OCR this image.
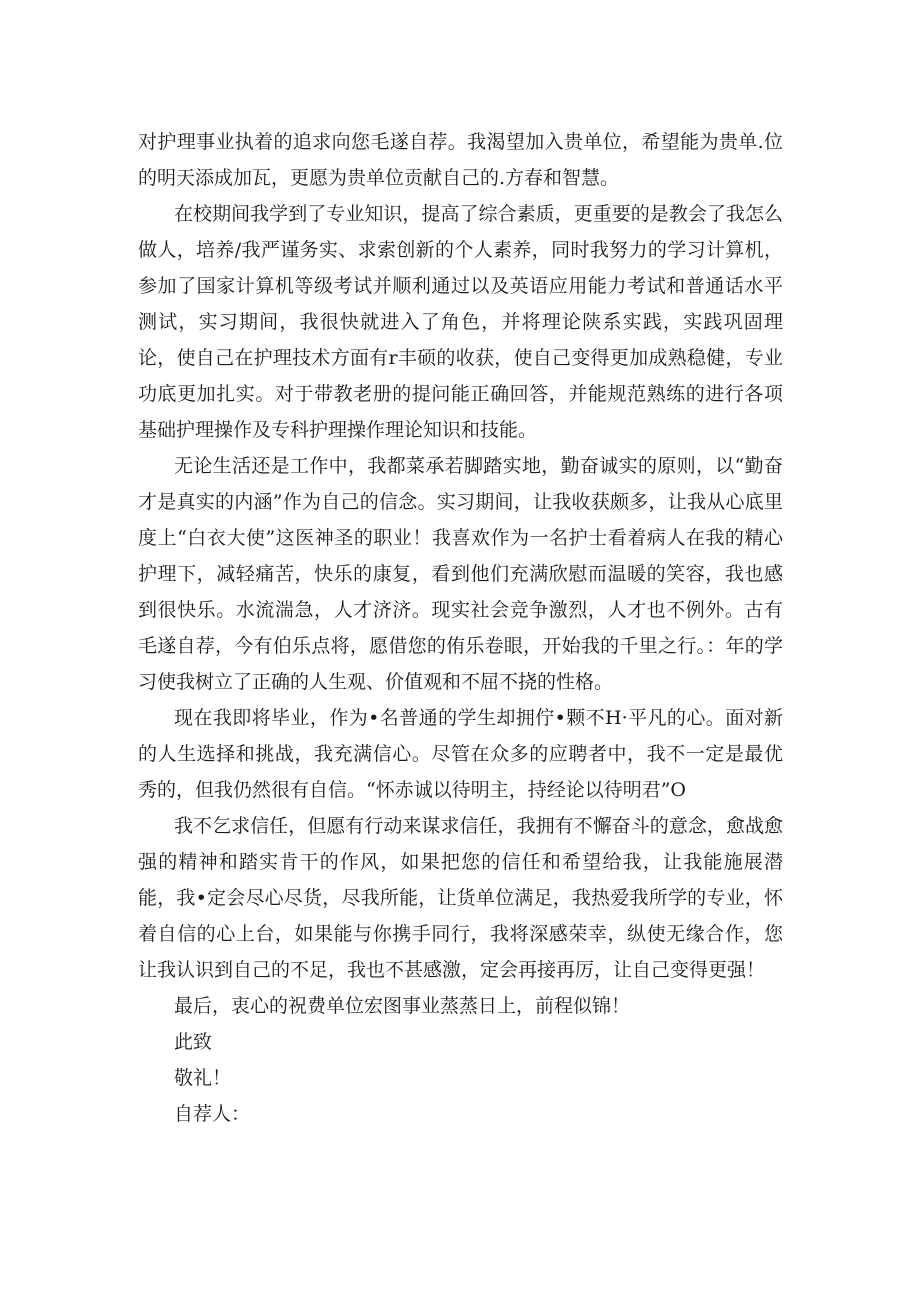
对护理事业执着的追求向您毛遂自荐。我渴望加入贵单位，希望能为贵单.位的明天添成加瓦，更愿为贵单位贡献自己的.方春和智慧。

在校期间我学到了专业知识，提高了综合素质，更重要的是教会了我怎么做人，培养/我严谨务实、求索创新的个人素养，同时我努力的学习计算机，参加了国家计算机等级考试并顺利通过以及英语应用能力考试和普通话水平测试，实习期间，我很快就进入了角色，并将理论陕系实践，实践巩固理论，使自己在护理技术方面有r丰硕的收获，使自己变得更加成熟稳健，专业功底更加扎实。对于带教老册的提问能正确回答，并能规范熟练的进行各项基础护理操作及专科护理操作理论知识和技能。

无论生活还是工作中，我都菜承若脚踏实地，勤奋诚实的原则，以“勤奋才是真实的内涵”作为自己的信念。实习期间，让我收获颇多，让我从心底里度上“白衣大使”这医神圣的职业！我喜欢作为一名护士看着病人在我的精心护理下，减轻痛苦，快乐的康复，看到他们充满欣慰而温暖的笑容，我也感到很快乐。水流湍急，人才济济。现实社会竞争激烈，人才也不例外。古有毛遂自荐，今有伯乐点将，愿借您的侑乐卷眼，开始我的千里之行。：年的学习使我树立了正确的人生观、价值观和不屈不挠的性格。

现在我即将毕业，作为•名普通的学生却拥佇•颗不H·平凡的心。面对新的人生选择和挑战，我充满信心。尽管在众多的应聘者中，我不一定是最优秀的，但我仍然很有自信。“怀赤诚以待明主，持经论以待明君”O

我不乞求信任，但愿有行动来谋求信任，我拥有不懈奋斗的意念，愈战愈强的精神和踏实肯干的作风，如果把您的信任和希望给我，让我能施展潜能，我•定会尽心尽货，尽我所能，让货单位满足，我热爱我所学的专业，怀着自信的心上台，如果能与你携手同行，我将深感荣幸，纵使无缘合作，您让我认识到自己的不足，我也不甚感激，定会再接再厉，让自己变得更强！

最后，衷心的祝费单位宏图事业蒸蒸日上，前程似锦！

此致

敬礼！

自荐人：
